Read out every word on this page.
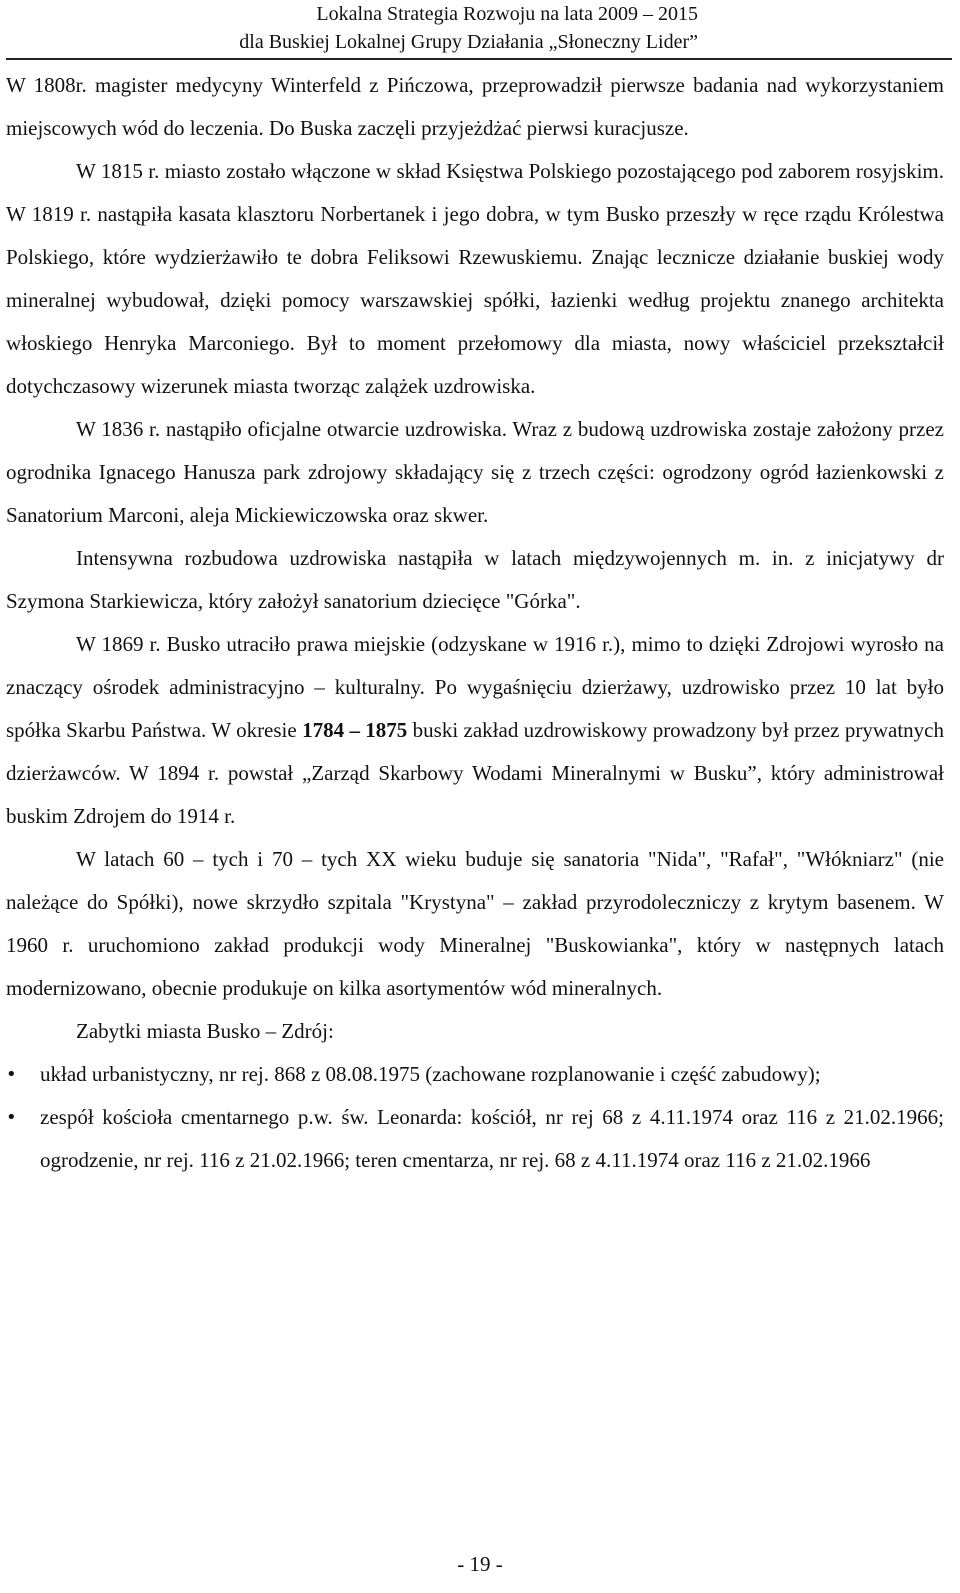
Lokalna Strategia Rozwoju na lata 2009 – 2015
dla Buskiej Lokalnej Grupy Działania „Słoneczny Lider”

W 1808r. magister medycyny Winterfeld z Pińczowa, przeprowadził pierwsze badania nad wykorzystaniem miejscowych wód do leczenia. Do Buska zaczęli przyjeżdżać pierwsi kuracjusze.

W 1815 r. miasto zostało włączone w skład Księstwa Polskiego pozostającego pod zaborem rosyjskim. W 1819 r. nastąpiła kasata klasztoru Norbertanek i jego dobra, w tym Busko przeszły w ręce rządu Królestwa Polskiego, które wydzierżawiło te dobra Feliksowi Rzewuskiemu. Znając lecznicze działanie buskiej wody mineralnej wybudował, dzięki pomocy warszawskiej spółki, łazienki według projektu znanego architekta włoskiego Henryka Marconiego. Był to moment przełomowy dla miasta, nowy właściciel przekształcił dotychczasowy wizerunek miasta tworząc zalążek uzdrowiska.

W 1836 r. nastąpiło oficjalne otwarcie uzdrowiska. Wraz z budową uzdrowiska zostaje założony przez ogrodnika Ignacego Hanusza park zdrojowy składający się z trzech części: ogrodzony ogród łazienkowski z Sanatorium Marconi, aleja Mickiewiczowska oraz skwer.

Intensywna rozbudowa uzdrowiska nastąpiła w latach międzywojennych m. in. z inicjatywy dr Szymona Starkiewicza, który założył sanatorium dziecięce "Górka".

W 1869 r. Busko utraciło prawa miejskie (odzyskane w 1916 r.), mimo to dzięki Zdrojowi wyrosło na znaczący ośrodek administracyjno – kulturalny. Po wygaśnięciu dzierżawy, uzdrowisko przez 10 lat było spółka Skarbu Państwa. W okresie 1784 – 1875 buski zakład uzdrowiskowy prowadzony był przez prywatnych dzierżawców. W 1894 r. powstał „Zarząd Skarbowy Wodami Mineralnymi w Busku”, który administrował buskim Zdrojem do 1914 r.

W latach 60 – tych i 70 – tych XX wieku buduje się sanatoria "Nida", "Rafał", "Włókniarz" (nie należące do Spółki), nowe skrzydło szpitala "Krystyna" – zakład przyrodoleczniczy z krytym basenem. W 1960 r. uruchomiono zakład produkcji wody Mineralnej "Buskowianka", który w następnych latach modernizowano, obecnie produkuje on kilka asortymentów wód mineralnych.

Zabytki miasta Busko – Zdrój:

•	układ urbanistyczny, nr rej. 868 z 08.08.1975 (zachowane rozplanowanie i część zabudowy);
•	zespół kościoła cmentarnego p.w. św. Leonarda: kościół, nr rej 68 z 4.11.1974 oraz 116 z 21.02.1966; ogrodzenie, nr rej. 116 z 21.02.1966; teren cmentarza, nr rej. 68 z 4.11.1974 oraz 116 z 21.02.1966
- 19 -
